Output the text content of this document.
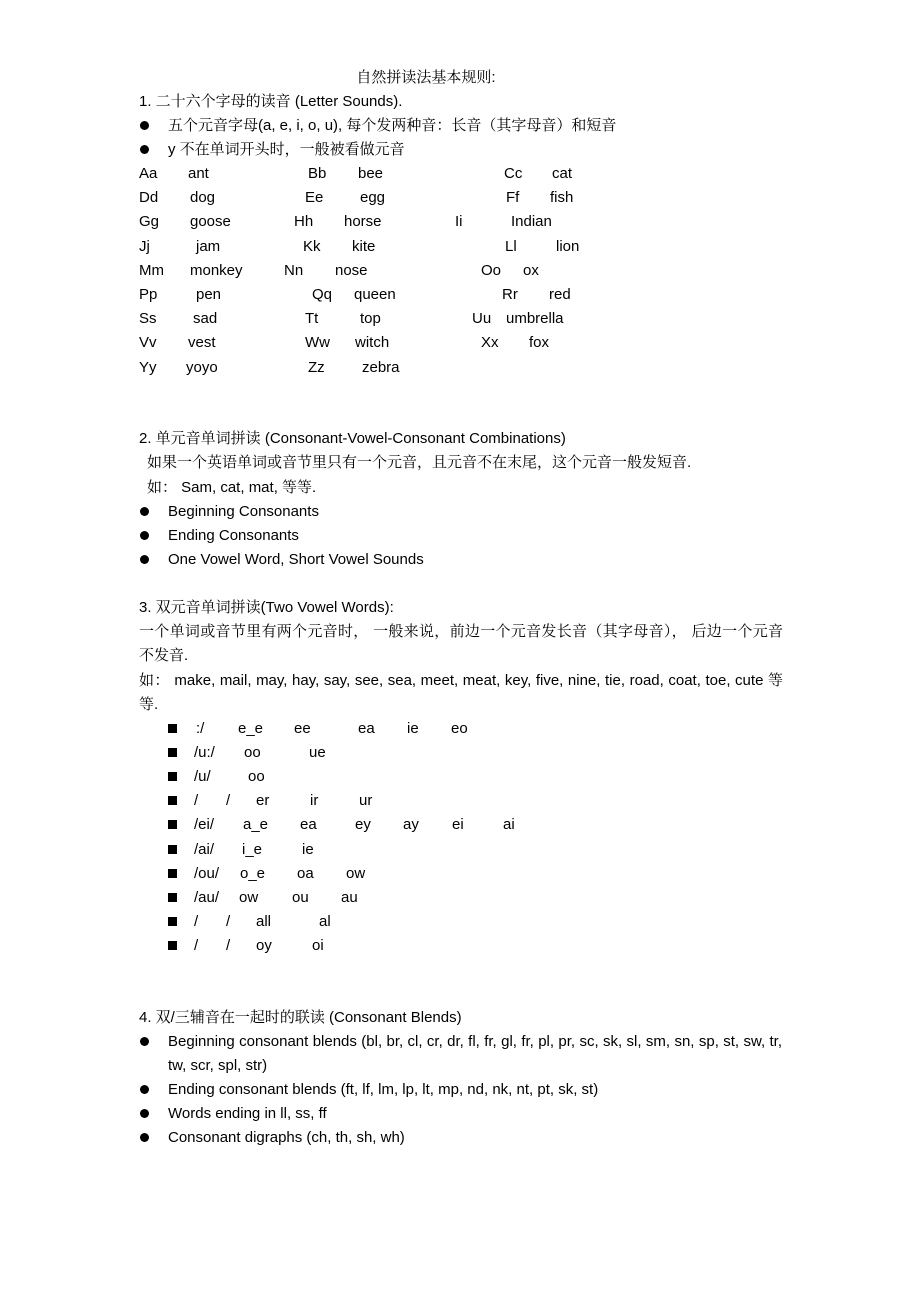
自然拼读法基本规则:
1. 二十六个字母的读音 (Letter Sounds).
五个元音字母(a, e, i, o, u), 每个发两种音：长音（其字母音）和短音
y 不在单词开头时，一般被看做元音
Aa ant	Bb bee	Cc cat
Dd dog	Ee egg	Ff fish
Gg goose	Hh horse	Ii	Indian
Jj	jam	Kk kite	Ll	lion
Mm monkey	Nn nose	Oo ox
Pp	pen	Qq queen	Rr red
Ss sad	Tt	top	Uu umbrella
Vv vest	Ww witch	Xx fox
Yy yoyo	Zz zebra
2. 单元音单词拼读 (Consonant-Vowel-Consonant Combinations)
如果一个英语单词或音节里只有一个元音，且元音不在末尾，这个元音一般发短音.
如： Sam, cat, mat, 等等.
Beginning Consonants
Ending Consonants
One Vowel Word, Short Vowel Sounds
3. 双元音单词拼读(Two Vowel Words):
一个单词或音节里有两个元音时， 一般来说，前边一个元音发长音（其字母音）， 后边一个元音不发音.
如： make, mail, may, hay, say, see, sea, meet, meat, key, five, nine, tie, road, coat, toe, cute 等等.
:/ e_e ee	ea ie eo
/u:/ oo	ue
/u/ oo
/ / er	ir	ur
/ei/ a_e ea	ey ay ei	ai
/ai/ i_e	ie
/ou/ o_e oa ow
/au/ ow ou au
/ / all	al
/ / oy	oi
4. 双/三辅音在一起时的联读 (Consonant Blends)
Beginning consonant blends (bl, br, cl, cr, dr, fl, fr, gl, fr, pl, pr, sc, sk, sl, sm, sn, sp, st, sw, tr, tw, scr, spl, str)
Ending consonant blends (ft, lf, lm, lp, lt, mp, nd, nk, nt, pt, sk, st)
Words ending in ll, ss, ff
Consonant digraphs (ch, th, sh, wh)
